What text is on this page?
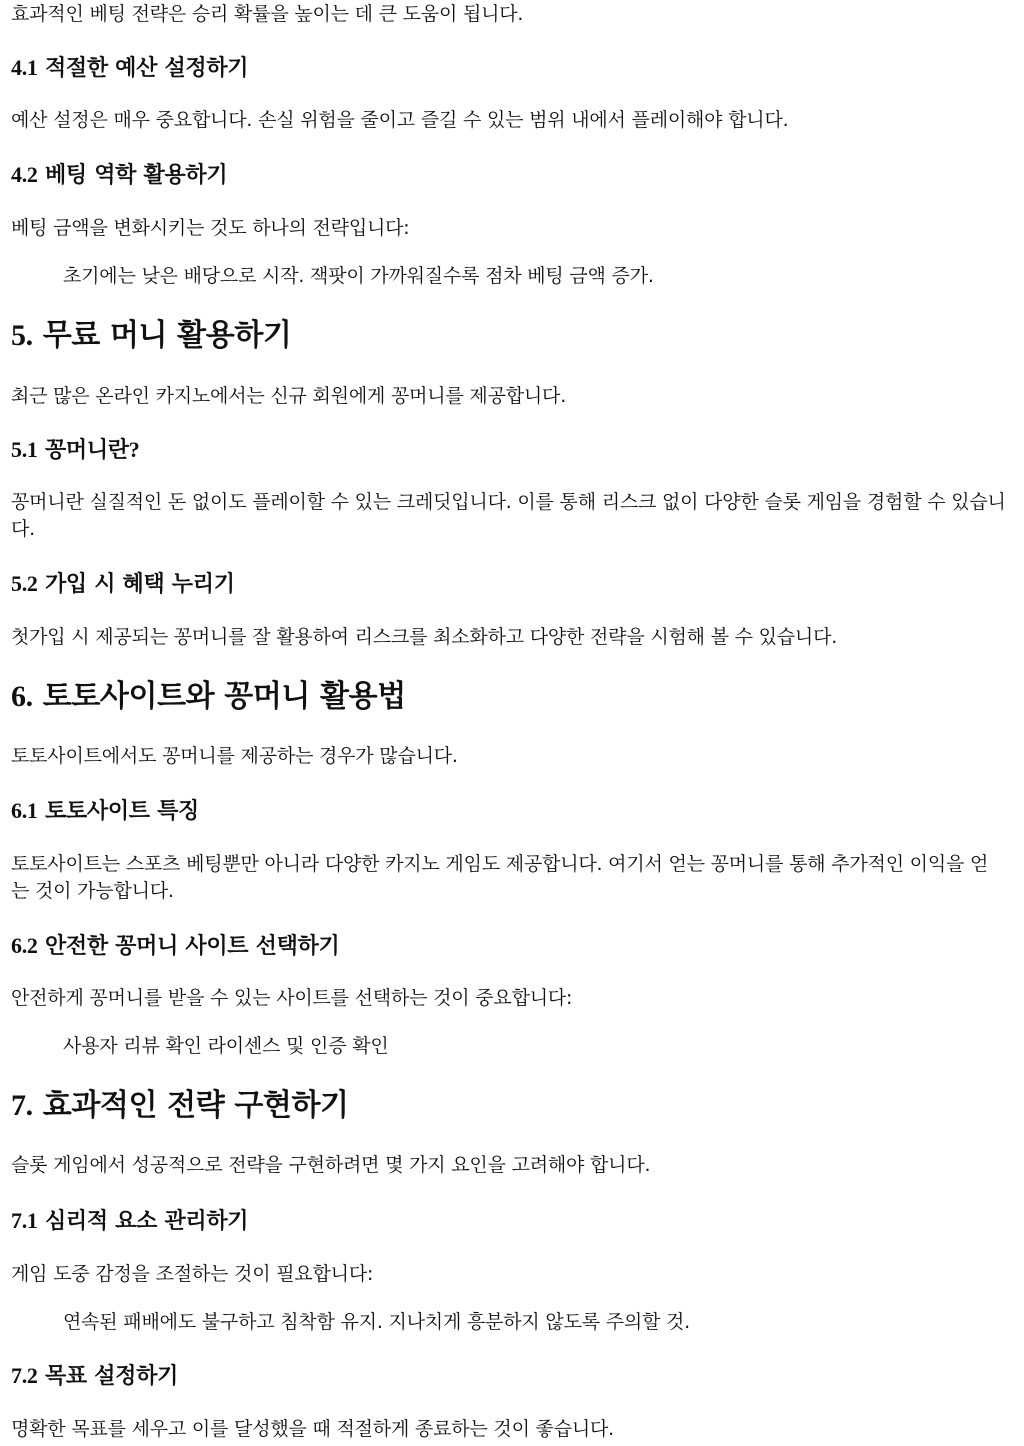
효과적인 베팅 전략은 승리 확률을 높이는 데 큰 도움이 됩니다.

4.1 적절한 예산 설정하기

예산 설정은 매우 중요합니다. 손실 위험을 줄이고 즐길 수 있는 범위 내에서 플레이해야 합니다.

4.2 베팅 역학 활용하기

베팅 금액을 변화시키는 것도 하나의 전략입니다:

초기에는 낮은 배당으로 시작. 잭팟이 가까워질수록 점차 베팅 금액 증가.

5. 무료 머니 활용하기

최근 많은 온라인 카지노에서는 신규 회원에게 꽁머니를 제공합니다.

5.1 꽁머니란?

꽁머니란 실질적인 돈 없이도 플레이할 수 있는 크레딧입니다. 이를 통해 리스크 없이 다양한 슬롯 게임을 경험할 수 있습니다.

5.2 가입 시 혜택 누리기

첫가입 시 제공되는 꽁머니를 잘 활용하여 리스크를 최소화하고 다양한 전략을 시험해 볼 수 있습니다.

6. 토토사이트와 꽁머니 활용법

토토사이트에서도 꽁머니를 제공하는 경우가 많습니다.

6.1 토토사이트 특징

토토사이트는 스포츠 베팅뿐만 아니라 다양한 카지노 게임도 제공합니다. 여기서 얻는 꽁머니를 통해 추가적인 이익을 얻는 것이 가능합니다.

6.2 안전한 꽁머니 사이트 선택하기

안전하게 꽁머니를 받을 수 있는 사이트를 선택하는 것이 중요합니다:

사용자 리뷰 확인 라이센스 및 인증 확인

7. 효과적인 전략 구현하기

슬롯 게임에서 성공적으로 전략을 구현하려면 몇 가지 요인을 고려해야 합니다.

7.1 심리적 요소 관리하기

게임 도중 감정을 조절하는 것이 필요합니다:

연속된 패배에도 불구하고 침착함 유지. 지나치게 흥분하지 않도록 주의할 것.

7.2 목표 설정하기

명확한 목표를 세우고 이를 달성했을 때 적절하게 종료하는 것이 좋습니다.
